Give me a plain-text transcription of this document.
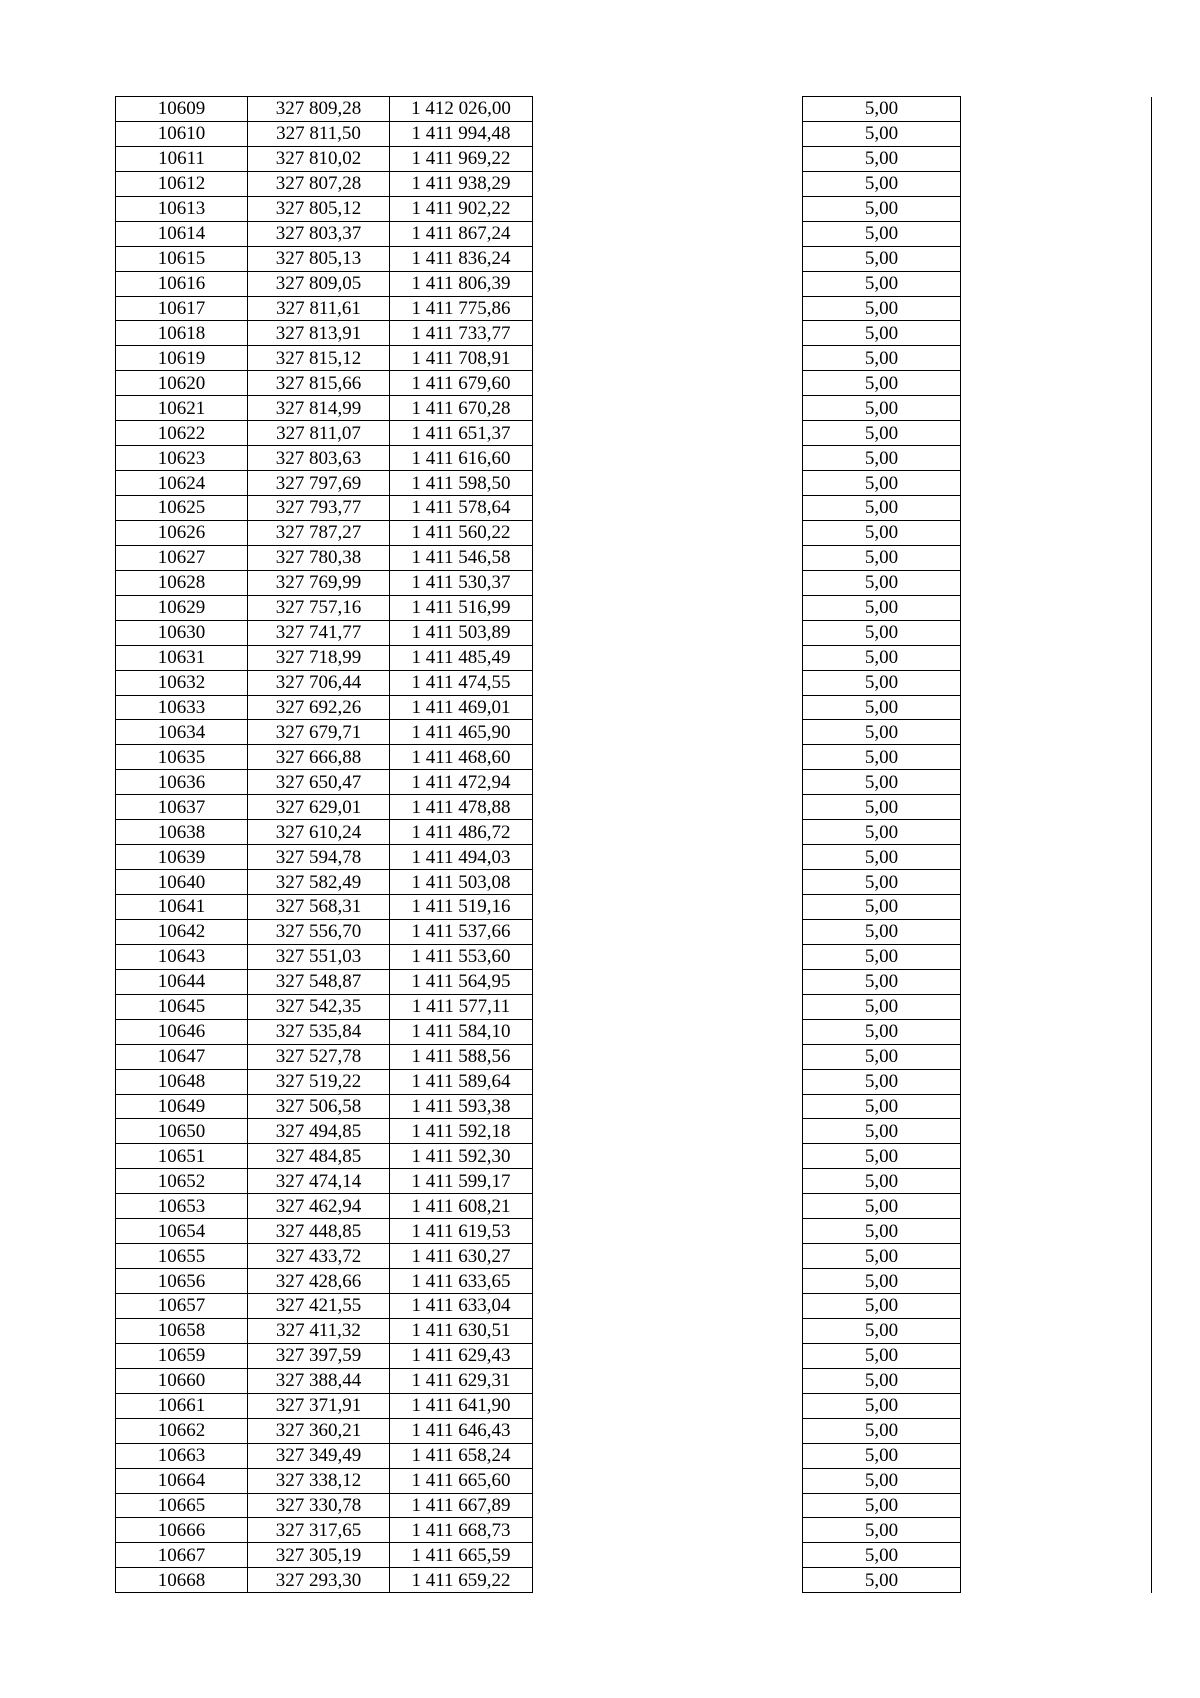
10609	327 809,28	1 412 026,00		5,00	
10610	327 811,50	1 411 994,48		5,00	
10611	327 810,02	1 411 969,22		5,00	
10612	327 807,28	1 411 938,29		5,00	
10613	327 805,12	1 411 902,22		5,00	
10614	327 803,37	1 411 867,24		5,00	
10615	327 805,13	1 411 836,24		5,00	
10616	327 809,05	1 411 806,39		5,00	
10617	327 811,61	1 411 775,86		5,00	
10618	327 813,91	1 411 733,77		5,00	
10619	327 815,12	1 411 708,91		5,00	
10620	327 815,66	1 411 679,60		5,00	
10621	327 814,99	1 411 670,28		5,00	
10622	327 811,07	1 411 651,37		5,00	
10623	327 803,63	1 411 616,60		5,00	
10624	327 797,69	1 411 598,50		5,00	
10625	327 793,77	1 411 578,64		5,00	
10626	327 787,27	1 411 560,22		5,00	
10627	327 780,38	1 411 546,58		5,00	
10628	327 769,99	1 411 530,37		5,00	
10629	327 757,16	1 411 516,99		5,00	
10630	327 741,77	1 411 503,89		5,00	
10631	327 718,99	1 411 485,49		5,00	
10632	327 706,44	1 411 474,55		5,00	
10633	327 692,26	1 411 469,01		5,00	
10634	327 679,71	1 411 465,90		5,00	
10635	327 666,88	1 411 468,60		5,00	
10636	327 650,47	1 411 472,94		5,00	
10637	327 629,01	1 411 478,88		5,00	
10638	327 610,24	1 411 486,72		5,00	
10639	327 594,78	1 411 494,03		5,00	
10640	327 582,49	1 411 503,08		5,00	
10641	327 568,31	1 411 519,16		5,00	
10642	327 556,70	1 411 537,66		5,00	
10643	327 551,03	1 411 553,60		5,00	
10644	327 548,87	1 411 564,95		5,00	
10645	327 542,35	1 411 577,11		5,00	
10646	327 535,84	1 411 584,10		5,00	
10647	327 527,78	1 411 588,56		5,00	
10648	327 519,22	1 411 589,64		5,00	
10649	327 506,58	1 411 593,38		5,00	
10650	327 494,85	1 411 592,18		5,00	
10651	327 484,85	1 411 592,30		5,00	
10652	327 474,14	1 411 599,17		5,00	
10653	327 462,94	1 411 608,21		5,00	
10654	327 448,85	1 411 619,53		5,00	
10655	327 433,72	1 411 630,27		5,00	
10656	327 428,66	1 411 633,65		5,00	
10657	327 421,55	1 411 633,04		5,00	
10658	327 411,32	1 411 630,51		5,00	
10659	327 397,59	1 411 629,43		5,00	
10660	327 388,44	1 411 629,31		5,00	
10661	327 371,91	1 411 641,90		5,00	
10662	327 360,21	1 411 646,43		5,00	
10663	327 349,49	1 411 658,24		5,00	
10664	327 338,12	1 411 665,60		5,00	
10665	327 330,78	1 411 667,89		5,00	
10666	327 317,65	1 411 668,73		5,00	
10667	327 305,19	1 411 665,59		5,00	
10668	327 293,30	1 411 659,22		5,00	
